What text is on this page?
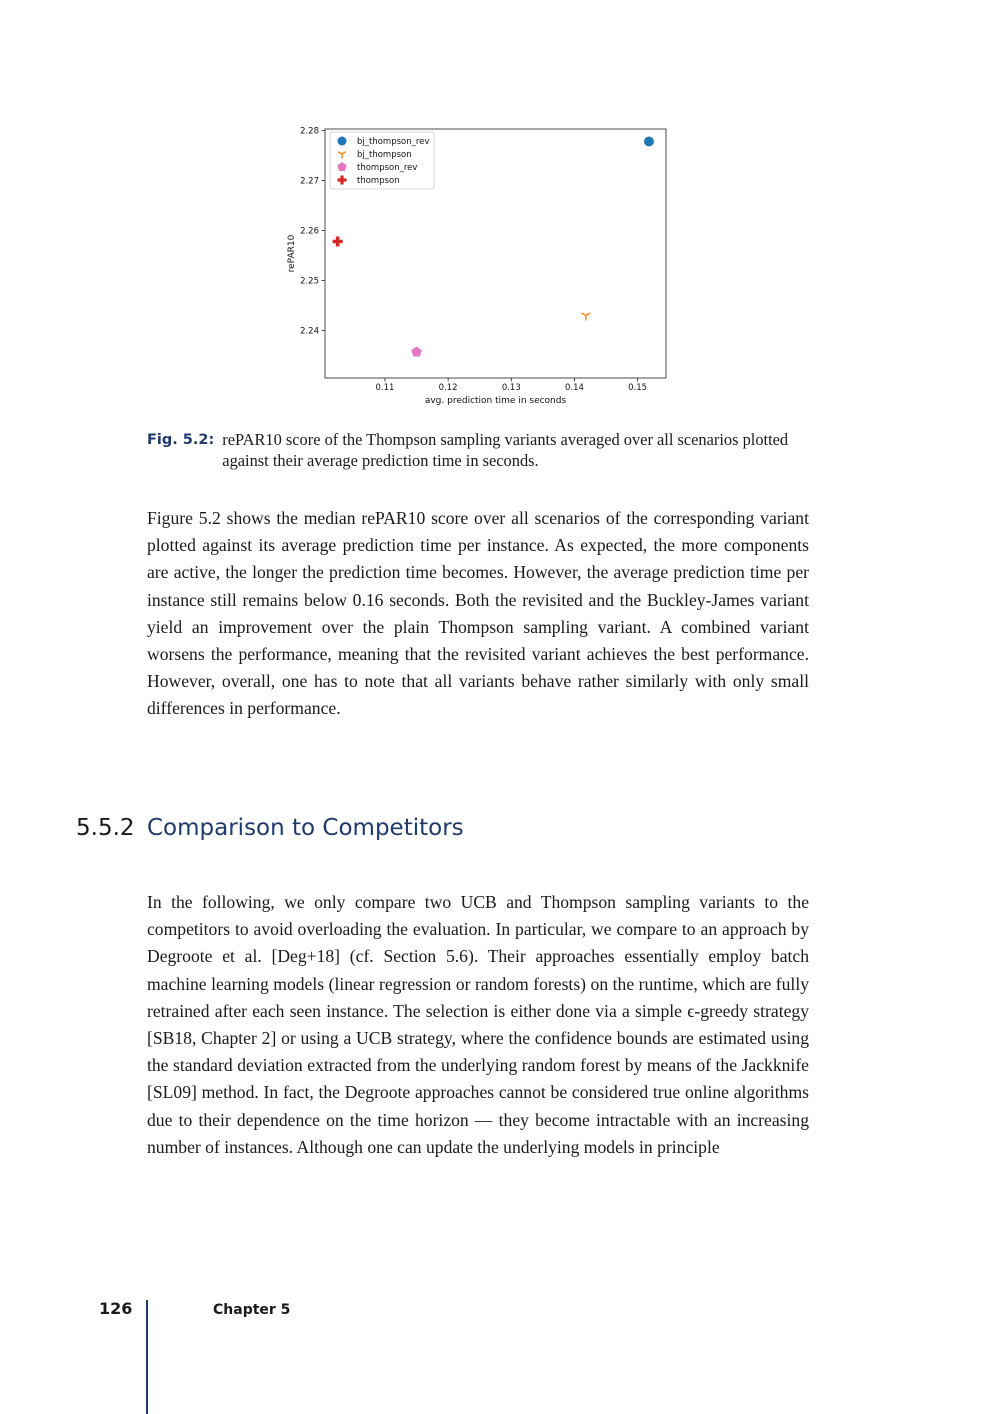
0.11	0.12	0.13	0.14	0.15
2.24
2.25
2.26
2.27
2.28
avg. prediction time in seconds
rePAR10
bj_thompson_rev
bj_thompson
thompson_rev
thompson
Fig. 5.2: rePAR10 score of the Thompson sampling variants averaged over all scenarios plotted against their average prediction time in seconds.

Figure 5.2 shows the median rePAR10 score over all scenarios of the corresponding variant plotted against its average prediction time per instance. As expected, the more components are active, the longer the prediction time becomes. However, the average prediction time per instance still remains below 0.16 seconds. Both the revisited and the Buckley-James variant yield an improvement over the plain Thompson sampling variant. A combined variant worsens the performance, meaning that the revisited variant achieves the best performance. However, overall, one has to note that all variants behave rather similarly with only small differences in performance.

5.5.2 Comparison to Competitors

In the following, we only compare two UCB and Thompson sampling variants to the competitors to avoid overloading the evaluation. In particular, we compare to an approach by Degroote et al. [Deg+18] (cf. Section 5.6). Their approaches essentially employ batch machine learning models (linear regression or random forests) on the runtime, which are fully retrained after each seen instance. The selection is either done via a simple ϵ-greedy strategy [SB18, Chapter 2] or using a UCB strategy, where the confidence bounds are estimated using the standard deviation extracted from the underlying random forest by means of the Jackknife [SL09] method. In fact, the Degroote approaches cannot be considered true online algorithms due to their dependence on the time horizon — they become intractable with an increasing number of instances. Although one can update the underlying models in principle

126	Chapter 5
